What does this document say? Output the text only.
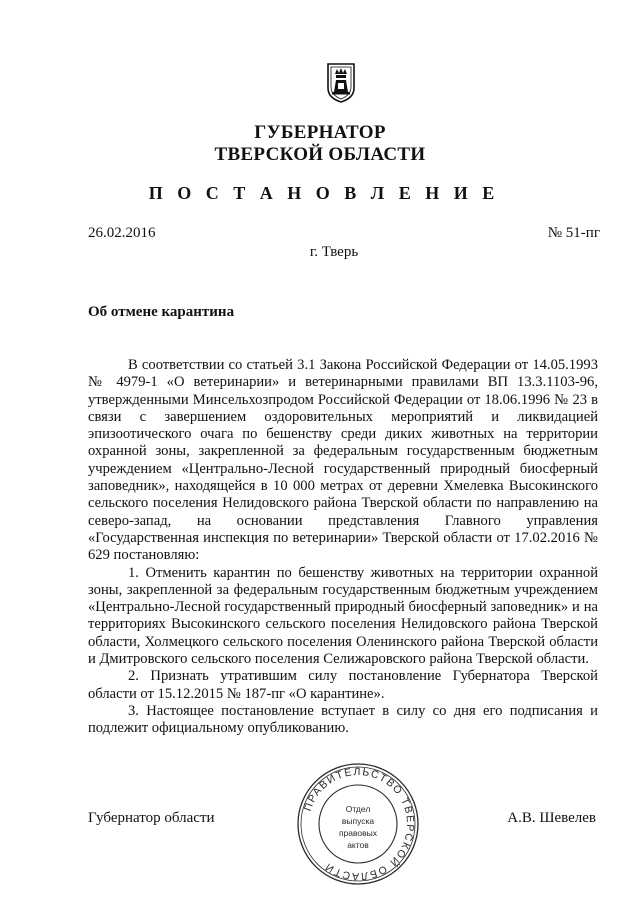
ГУБЕРНАТОР
ТВЕРСКОЙ ОБЛАСТИ
П О С Т А Н О В Л Е Н И Е
26.02.2016	№ 51-пг
г. Тверь
Об отмене карантина

В соответствии со статьей 3.1 Закона Российской Федерации от 14.05.1993 № 4979-1 «О ветеринарии» и ветеринарными правилами ВП 13.3.1103-96, утвержденными Минсельхозпродом Российской Федерации от 18.06.1996 № 23 в связи с завершением оздоровительных мероприятий и ликвидацией эпизоотического очага по бешенству среди диких животных на территории охранной зоны, закрепленной за федеральным государственным бюджетным учреждением «Центрально-Лесной государственный природный биосферный заповедник», находящейся в 10 000 метрах от деревни Хмелевка Высокинского сельского поселения Нелидовского района Тверской области по направлению на северо-запад, на основании представления Главного управления «Государственная инспекция по ветеринарии» Тверской области от 17.02.2016 № 629 постановляю:

1. Отменить карантин по бешенству животных на территории охранной зоны, закрепленной за федеральным государственным бюджетным учреждением «Центрально-Лесной государственный природный биосферный заповедник» и на территориях Высокинского сельского поселения Нелидовского района Тверской области, Холмецкого сельского поселения Оленинского района Тверской области и Дмитровского сельского поселения Селижаровского района Тверской области.

2. Признать утратившим силу постановление Губернатора Тверской области от 15.12.2015 № 187-пг «О карантине».

3. Настоящее постановление вступает в силу со дня его подписания и подлежит официальному опубликованию.

Губернатор области	А.В. Шевелев
ПРАВИТЕЛЬСТВО ТВЕРСКОЙ ОБЛАСТИ
Отдел
выпуска
правовых
актов
